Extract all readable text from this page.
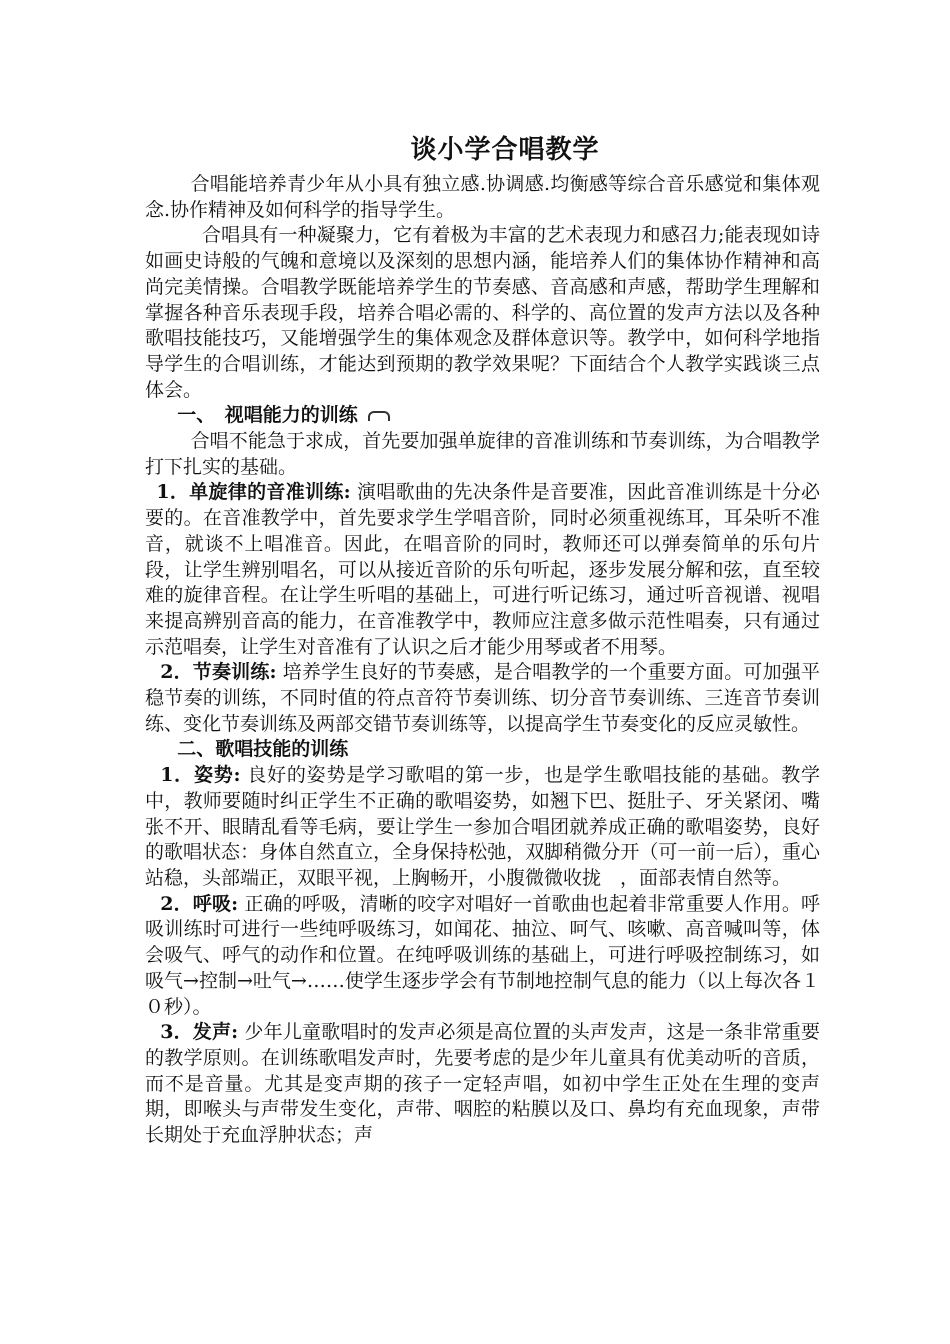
谈小学合唱教学

合唱能培养青少年从小具有独立感.协调感.均衡感等综合音乐感觉和集体观念.协作精神及如何科学的指导学生。

合唱具有一种凝聚力，它有着极为丰富的艺术表现力和感召力;能表现如诗如画史诗般的气魄和意境以及深刻的思想内涵，能培养人们的集体协作精神和高尚完美情操。合唱教学既能培养学生的节奏感、音高感和声感，帮助学生理解和掌握各种音乐表现手段，培养合唱必需的、科学的、高位置的发声方法以及各种歌唱技能技巧，又能增强学生的集体观念及群体意识等。教学中，如何科学地指导学生的合唱训练，才能达到预期的教学效果呢？下面结合个人教学实践谈三点体会。

一、　视唱能力的训练

合唱不能急于求成，首先要加强单旋律的音准训练和节奏训练，为合唱教学打下扎实的基础。

1．单旋律的音准训练: 演唱歌曲的先决条件是音要准，因此音准训练是十分必要的。在音准教学中，首先要求学生学唱音阶，同时必须重视练耳，耳朵听不准音，就谈不上唱准音。因此，在唱音阶的同时，教师还可以弹奏简单的乐句片段，让学生辨别唱名，可以从接近音阶的乐句听起，逐步发展分解和弦，直至较难的旋律音程。在让学生听唱的基础上，可进行听记练习，通过听音视谱、视唱来提高辨别音高的能力，在音准教学中，教师应注意多做示范性唱奏，只有通过示范唱奏，让学生对音准有了认识之后才能少用琴或者不用琴。

2．节奏训练: 培养学生良好的节奏感，是合唱教学的一个重要方面。可加强平稳节奏的训练，不同时值的符点音符节奏训练、切分音节奏训练、三连音节奏训练、变化节奏训练及两部交错节奏训练等，以提高学生节奏变化的反应灵敏性。

二、歌唱技能的训练

1．姿势: 良好的姿势是学习歌唱的第一步，也是学生歌唱技能的基础。教学中，教师要随时纠正学生不正确的歌唱姿势，如翘下巴、挺肚子、牙关紧闭、嘴张不开、眼睛乱看等毛病，要让学生一参加合唱团就养成正确的歌唱姿势，良好的歌唱状态：身体自然直立，全身保持松弛，双脚稍微分开（可一前一后），重心站稳，头部端正，双眼平视，上胸畅开，小腹微微收拢　，面部表情自然等。

2．呼吸: 正确的呼吸，清晰的咬字对唱好一首歌曲也起着非常重要人作用。呼吸训练时可进行一些纯呼吸练习，如闻花、抽泣、呵气、咳嗽、高音喊叫等，体会吸气、呼气的动作和位置。在纯呼吸训练的基础上，可进行呼吸控制练习，如吸气→控制→吐气→……使学生逐步学会有节制地控制气息的能力（以上每次各１０秒）。

3．发声: 少年儿童歌唱时的发声必须是高位置的头声发声，这是一条非常重要的教学原则。在训练歌唱发声时，先要考虑的是少年儿童具有优美动听的音质，而不是音量。尤其是变声期的孩子一定轻声唱，如初中学生正处在生理的变声期，即喉头与声带发生变化，声带、咽腔的粘膜以及口、鼻均有充血现象，声带长期处于充血浮肿状态；声
